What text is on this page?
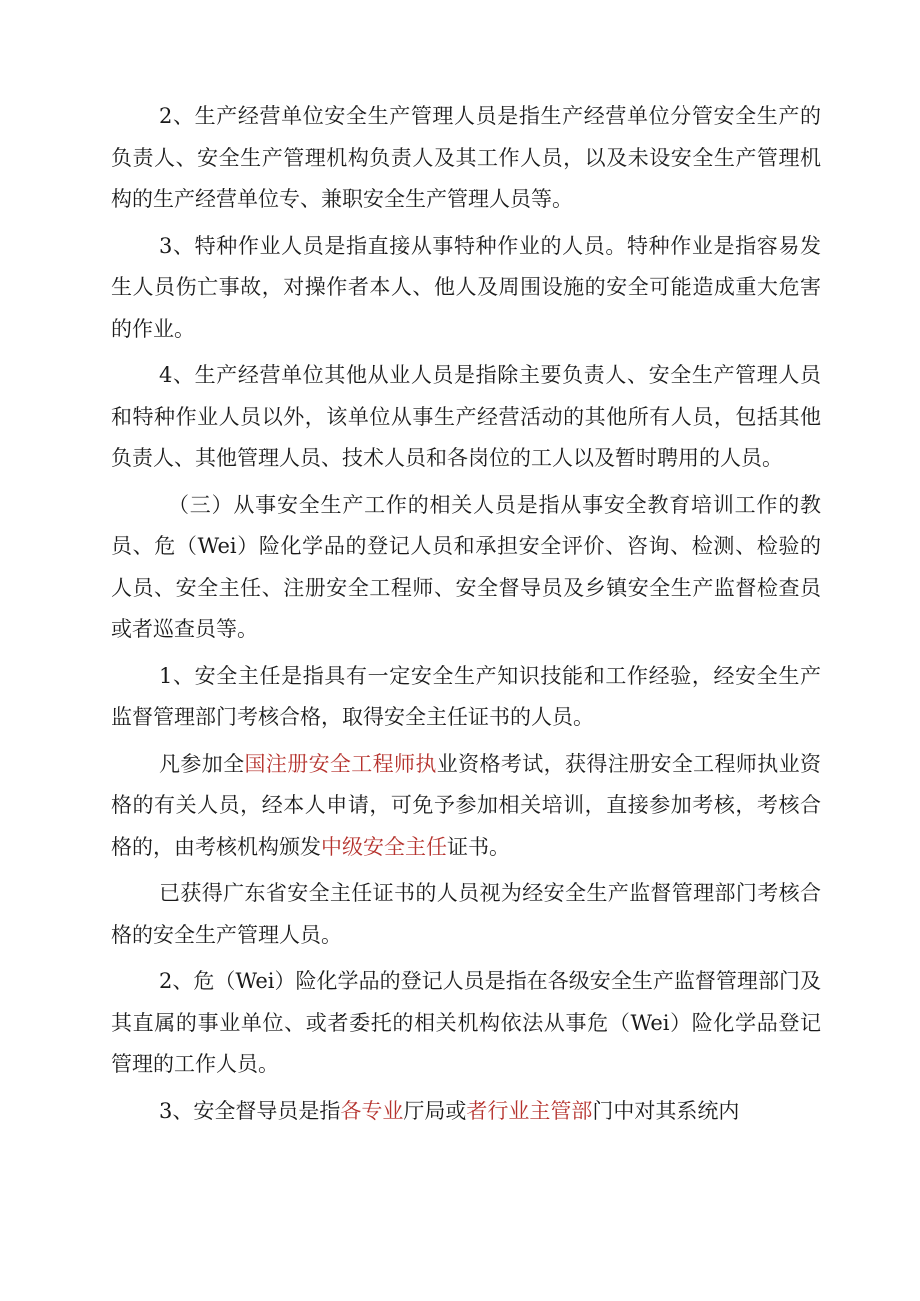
2、生产经营单位安全生产管理人员是指生产经营单位分管安全生产的负责人、安全生产管理机构负责人及其工作人员，以及未设安全生产管理机构的生产经营单位专、兼职安全生产管理人员等。

3、特种作业人员是指直接从事特种作业的人员。特种作业是指容易发生人员伤亡事故，对操作者本人、他人及周围设施的安全可能造成重大危害的作业。

4、生产经营单位其他从业人员是指除主要负责人、安全生产管理人员和特种作业人员以外，该单位从事生产经营活动的其他所有人员，包括其他负责人、其他管理人员、技术人员和各岗位的工人以及暂时聘用的人员。

（三）从事安全生产工作的相关人员是指从事安全教育培训工作的教员、危（Wei）险化学品的登记人员和承担安全评价、咨询、检测、检验的人员、安全主任、注册安全工程师、安全督导员及乡镇安全生产监督检查员或者巡查员等。

1、安全主任是指具有一定安全生产知识技能和工作经验，经安全生产监督管理部门考核合格，取得安全主任证书的人员。

凡参加全国注册安全工程师执业资格考试，获得注册安全工程师执业资格的有关人员，经本人申请，可免予参加相关培训，直接参加考核，考核合格的，由考核机构颁发中级安全主任证书。

已获得广东省安全主任证书的人员视为经安全生产监督管理部门考核合格的安全生产管理人员。

2、危（Wei）险化学品的登记人员是指在各级安全生产监督管理部门及其直属的事业单位、或者委托的相关机构依法从事危（Wei）险化学品登记管理的工作人员。

3、安全督导员是指各专业厅局或者行业主管部门中对其系统内
